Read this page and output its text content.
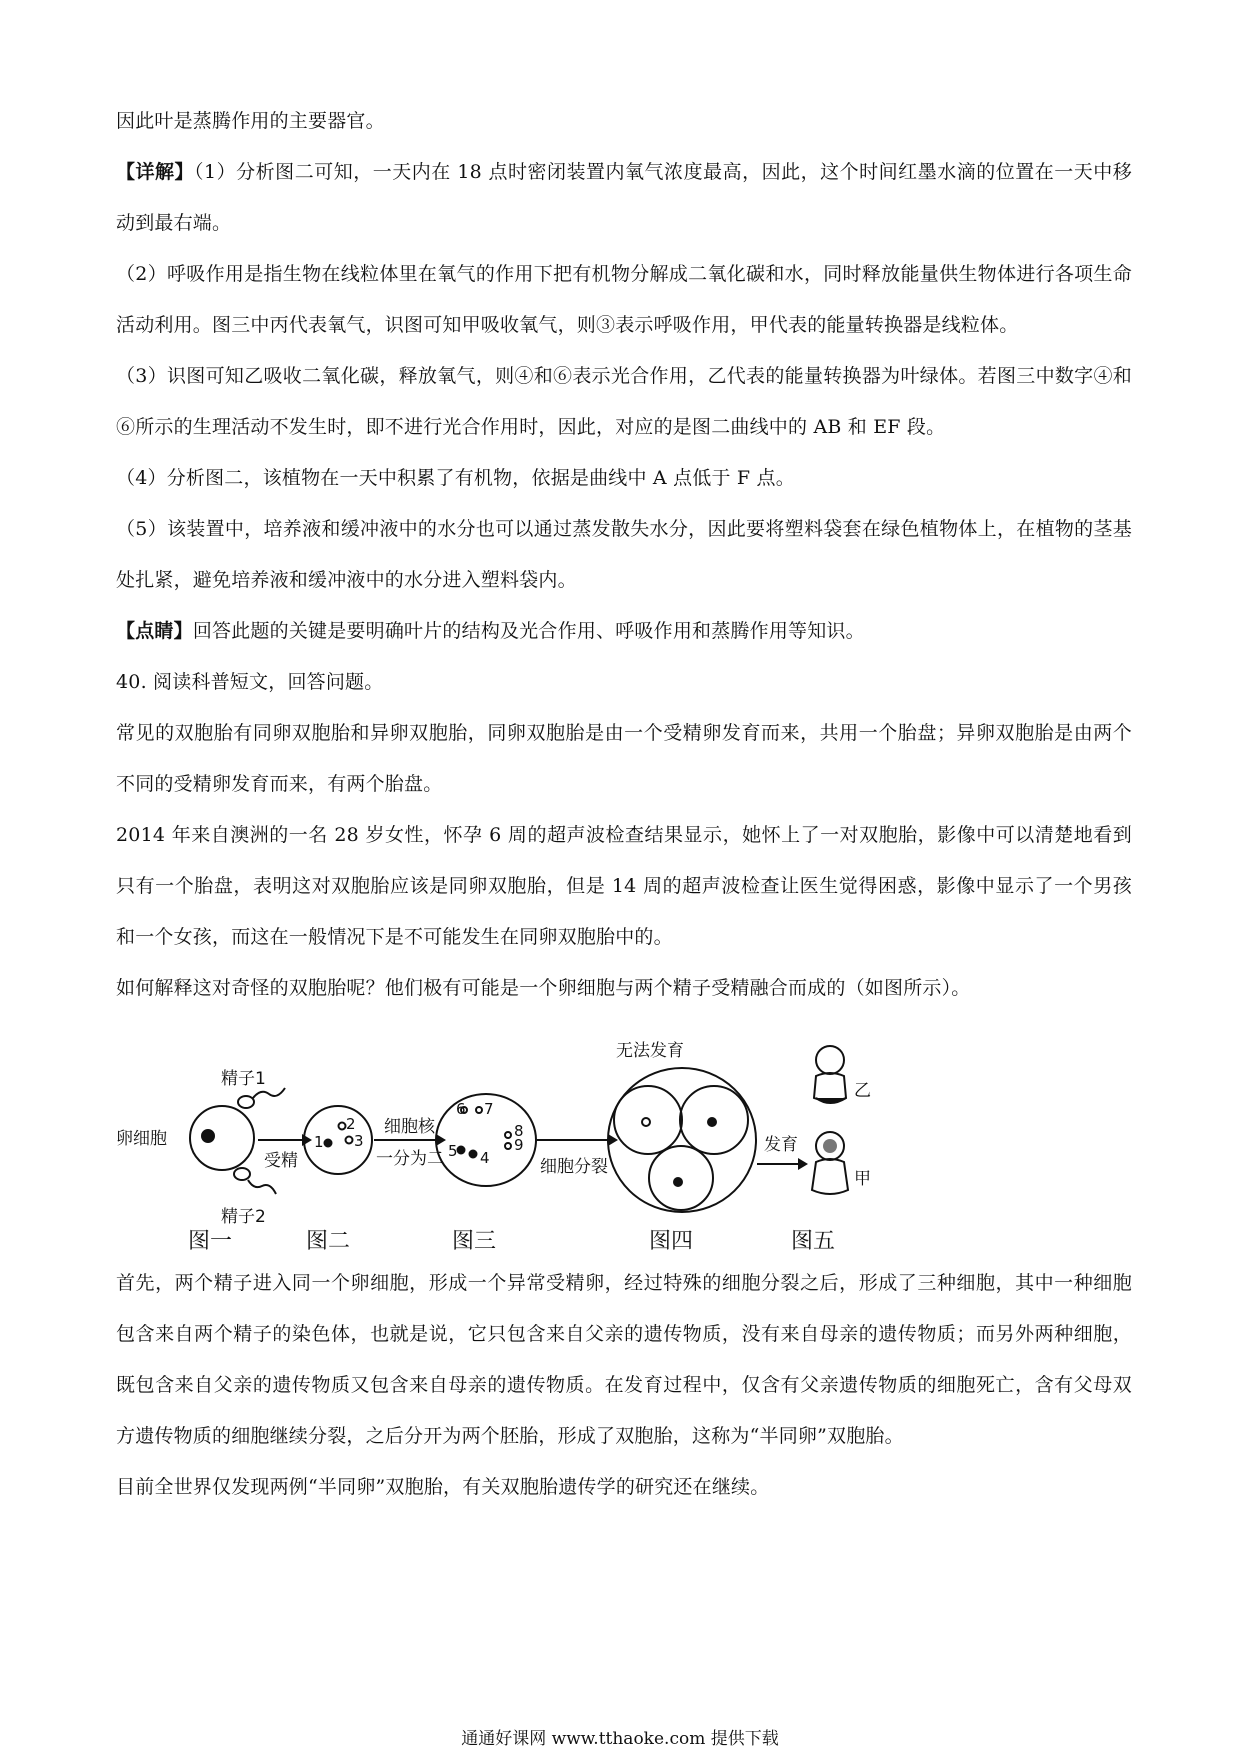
因此叶是蒸腾作用的主要器官。

【详解】（1）分析图二可知，一天内在 18 点时密闭装置内氧气浓度最高，因此，这个时间红墨水滴的位置在一天中移动到最右端。

（2）呼吸作用是指生物在线粒体里在氧气的作用下把有机物分解成二氧化碳和水，同时释放能量供生物体进行各项生命活动利用。图三中丙代表氧气，识图可知甲吸收氧气，则③表示呼吸作用，甲代表的能量转换器是线粒体。

（3）识图可知乙吸收二氧化碳，释放氧气，则④和⑥表示光合作用，乙代表的能量转换器为叶绿体。若图三中数字④和⑥所示的生理活动不发生时，即不进行光合作用时，因此，对应的是图二曲线中的 AB 和 EF 段。

（4）分析图二，该植物在一天中积累了有机物，依据是曲线中 A 点低于 F 点。

（5）该装置中，培养液和缓冲液中的水分也可以通过蒸发散失水分，因此要将塑料袋套在绿色植物体上，在植物的茎基处扎紧，避免培养液和缓冲液中的水分进入塑料袋内。

【点睛】回答此题的关键是要明确叶片的结构及光合作用、呼吸作用和蒸腾作用等知识。

40. 阅读科普短文，回答问题。

常见的双胞胎有同卵双胞胎和异卵双胞胎，同卵双胞胎是由一个受精卵发育而来，共用一个胎盘；异卵双胞胎是由两个不同的受精卵发育而来，有两个胎盘。

2014 年来自澳洲的一名 28 岁女性，怀孕 6 周的超声波检查结果显示，她怀上了一对双胞胎，影像中可以清楚地看到只有一个胎盘，表明这对双胞胎应该是同卵双胞胎，但是 14 周的超声波检查让医生觉得困惑，影像中显示了一个男孩和一个女孩，而这在一般情况下是不可能发生在同卵双胞胎中的。

如何解释这对奇怪的双胞胎呢？他们极有可能是一个卵细胞与两个精子受精融合而成的（如图所示）。

卵细胞
精子1
精子2
受精
1
2
3
细胞核
一分为二
6 7
8
9
5 4	细胞分裂
无法发育
发育
乙
甲
图一	图二	图三	图四	图五

首先，两个精子进入同一个卵细胞，形成一个异常受精卵，经过特殊的细胞分裂之后，形成了三种细胞，其中一种细胞包含来自两个精子的染色体，也就是说，它只包含来自父亲的遗传物质，没有来自母亲的遗传物质；而另外两种细胞，既包含来自父亲的遗传物质又包含来自母亲的遗传物质。在发育过程中，仅含有父亲遗传物质的细胞死亡，含有父母双方遗传物质的细胞继续分裂，之后分开为两个胚胎，形成了双胞胎，这称为“半同卵”双胞胎。

目前全世界仅发现两例“半同卵”双胞胎，有关双胞胎遗传学的研究还在继续。

通通好课网 www.tthaoke.com 提供下载
